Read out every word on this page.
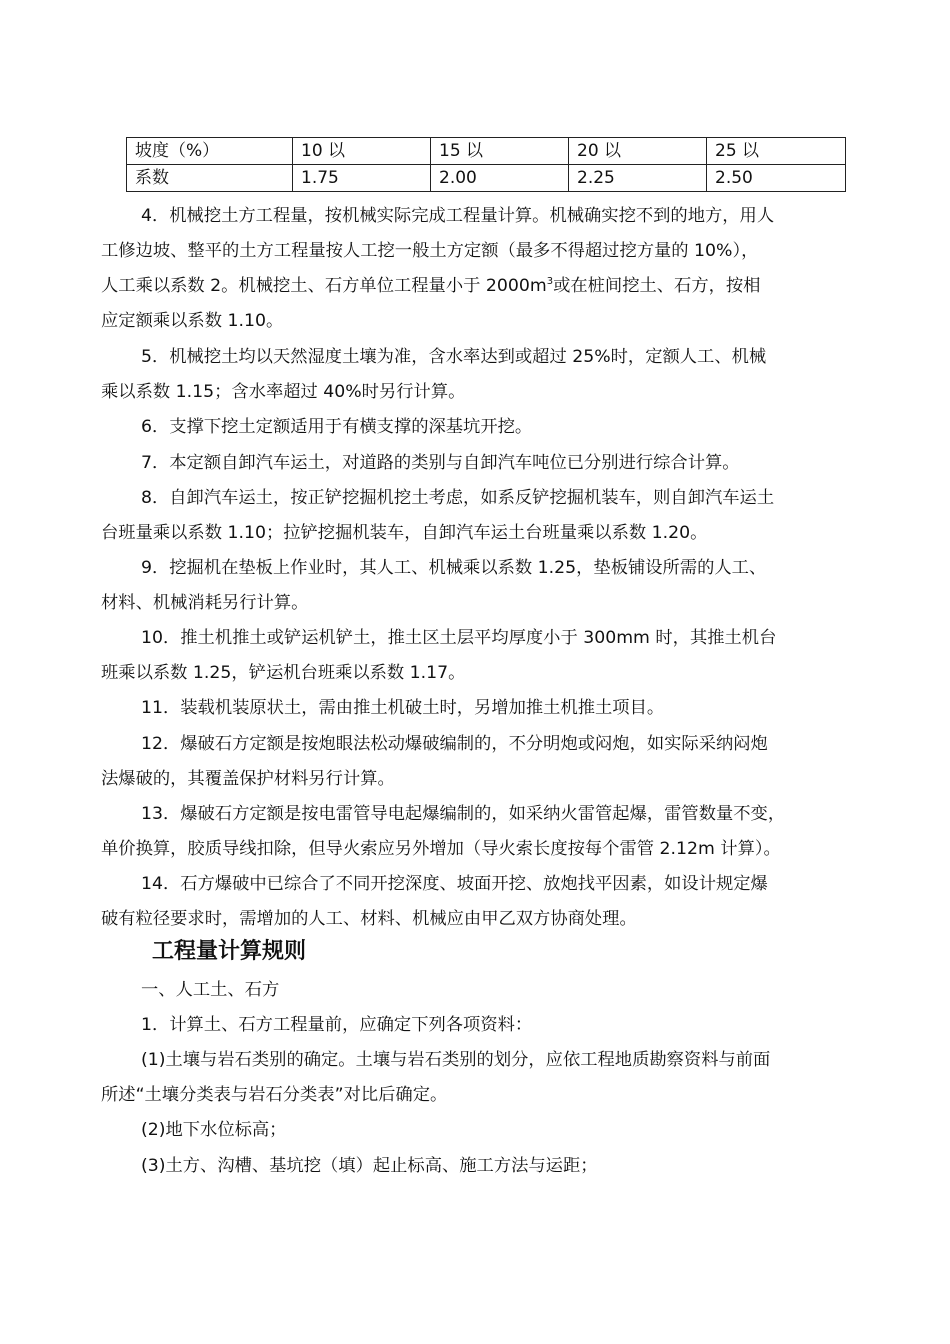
坡度（%）	10 以	15 以	20 以	25 以
系数	1.75	2.00	2.25	2.50
4．机械挖土方工程量，按机械实际完成工程量计算。机械确实挖不到的地方，用人
工修边坡、整平的土方工程量按人工挖一般土方定额（最多不得超过挖方量的 10%），
人工乘以系数 2。机械挖土、石方单位工程量小于 $2000m^3$或在桩间挖土、石方，按相
应定额乘以系数 1.10。
5．机械挖土均以天然湿度土壤为准，含水率达到或超过 25%时，定额人工、机械
乘以系数 1.15；含水率超过 40%时另行计算。
6．支撑下挖土定额适用于有横支撑的深基坑开挖。
7．本定额自卸汽车运土，对道路的类别与自卸汽车吨位已分别进行综合计算。
8．自卸汽车运土，按正铲挖掘机挖土考虑，如系反铲挖掘机装车，则自卸汽车运土
台班量乘以系数 1.10；拉铲挖掘机装车，自卸汽车运土台班量乘以系数 1.20。
9．挖掘机在垫板上作业时，其人工、机械乘以系数 1.25，垫板铺设所需的人工、
材料、机械消耗另行计算。
10．推土机推土或铲运机铲土，推土区土层平均厚度小于 300mm 时，其推土机台
班乘以系数 1.25，铲运机台班乘以系数 1.17。
11．装载机装原状土，需由推土机破土时，另增加推土机推土项目。
12．爆破石方定额是按炮眼法松动爆破编制的，不分明炮或闷炮，如实际采纳闷炮
法爆破的，其覆盖保护材料另行计算。
13．爆破石方定额是按电雷管导电起爆编制的，如采纳火雷管起爆，雷管数量不变，
单价换算，胶质导线扣除，但导火索应另外增加（导火索长度按每个雷管 2.12m 计算）。
14．石方爆破中已综合了不同开挖深度、坡面开挖、放炮找平因素，如设计规定爆
破有粒径要求时，需增加的人工、材料、机械应由甲乙双方协商处理。
工程量计算规则
一、人工土、石方
1．计算土、石方工程量前，应确定下列各项资料：
(1)土壤与岩石类别的确定。土壤与岩石类别的划分，应依工程地质勘察资料与前面
所述“土壤分类表与岩石分类表”对比后确定。
(2)地下水位标高；
(3)土方、沟槽、基坑挖（填）起止标高、施工方法与运距；
